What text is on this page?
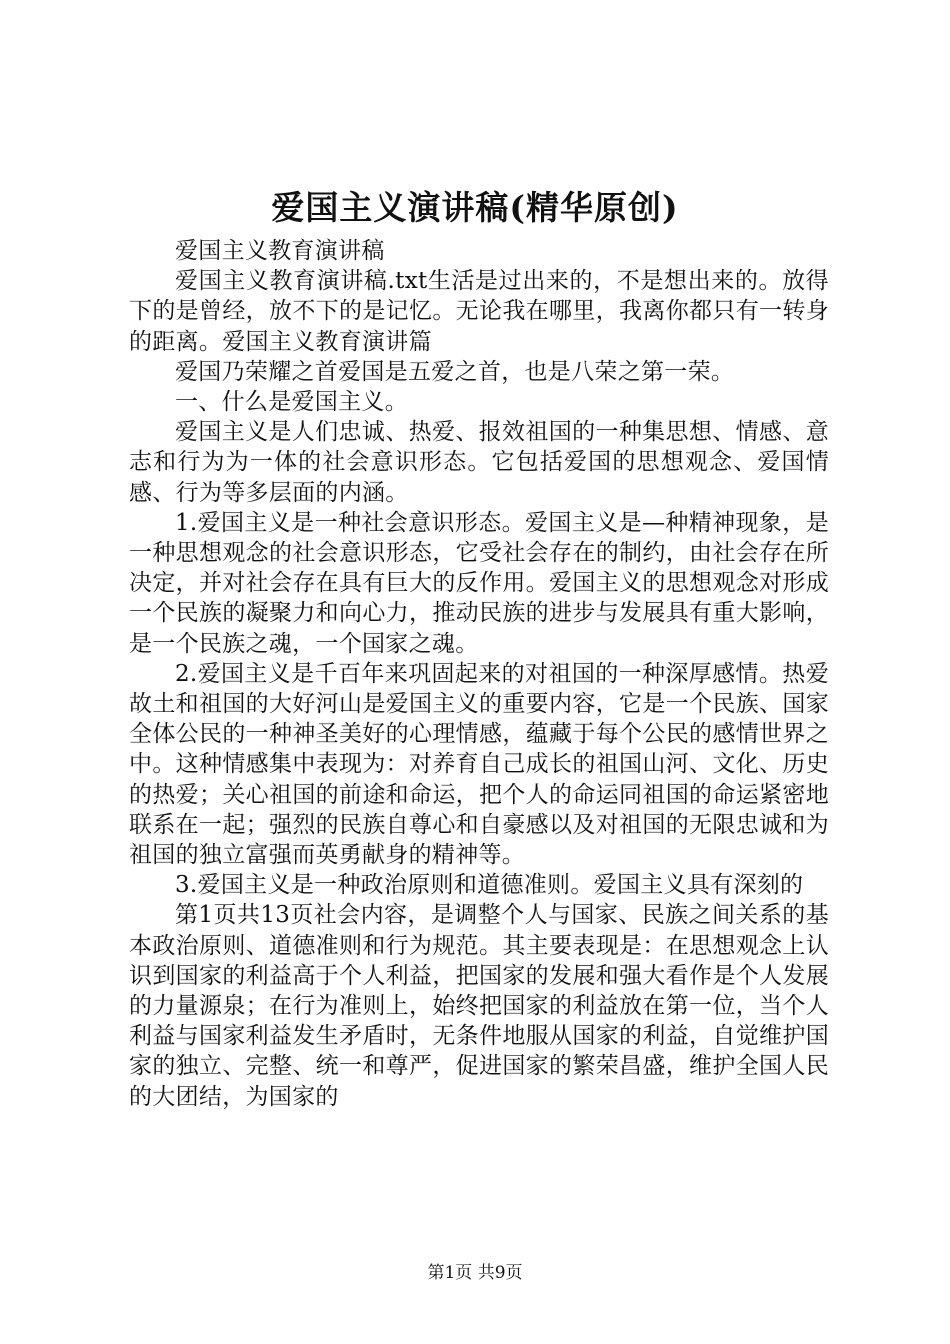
爱国主义演讲稿(精华原创)

爱国主义教育演讲稿

爱国主义教育演讲稿.txt生活是过出来的，不是想出来的。放得下的是曾经，放不下的是记忆。无论我在哪里，我离你都只有一转身的距离。爱国主义教育演讲篇

爱国乃荣耀之首爱国是五爱之首，也是八荣之第一荣。

一、什么是爱国主义。

爱国主义是人们忠诚、热爱、报效祖国的一种集思想、情感、意志和行为为一体的社会意识形态。它包括爱国的思想观念、爱国情感、行为等多层面的内涵。

1.爱国主义是一种社会意识形态。爱国主义是—种精神现象，是一种思想观念的社会意识形态，它受社会存在的制约，由社会存在所决定，并对社会存在具有巨大的反作用。爱国主义的思想观念对形成一个民族的凝聚力和向心力，推动民族的进步与发展具有重大影响，是一个民族之魂，一个国家之魂。

2.爱国主义是千百年来巩固起来的对祖国的一种深厚感情。热爱故土和祖国的大好河山是爱国主义的重要内容，它是一个民族、国家全体公民的一种神圣美好的心理情感，蕴藏于每个公民的感情世界之中。这种情感集中表现为：对养育自己成长的祖国山河、文化、历史的热爱；关心祖国的前途和命运，把个人的命运同祖国的命运紧密地联系在一起；强烈的民族自尊心和自豪感以及对祖国的无限忠诚和为祖国的独立富强而英勇献身的精神等。

3.爱国主义是一种政治原则和道德准则。爱国主义具有深刻的

第1页共13页社会内容，是调整个人与国家、民族之间关系的基本政治原则、道德准则和行为规范。其主要表现是：在思想观念上认识到国家的利益高于个人利益，把国家的发展和强大看作是个人发展的力量源泉；在行为准则上，始终把国家的利益放在第一位，当个人利益与国家利益发生矛盾时，无条件地服从国家的利益，自觉维护国家的独立、完整、统一和尊严，促进国家的繁荣昌盛，维护全国人民的大团结，为国家的

第1页 共9页
